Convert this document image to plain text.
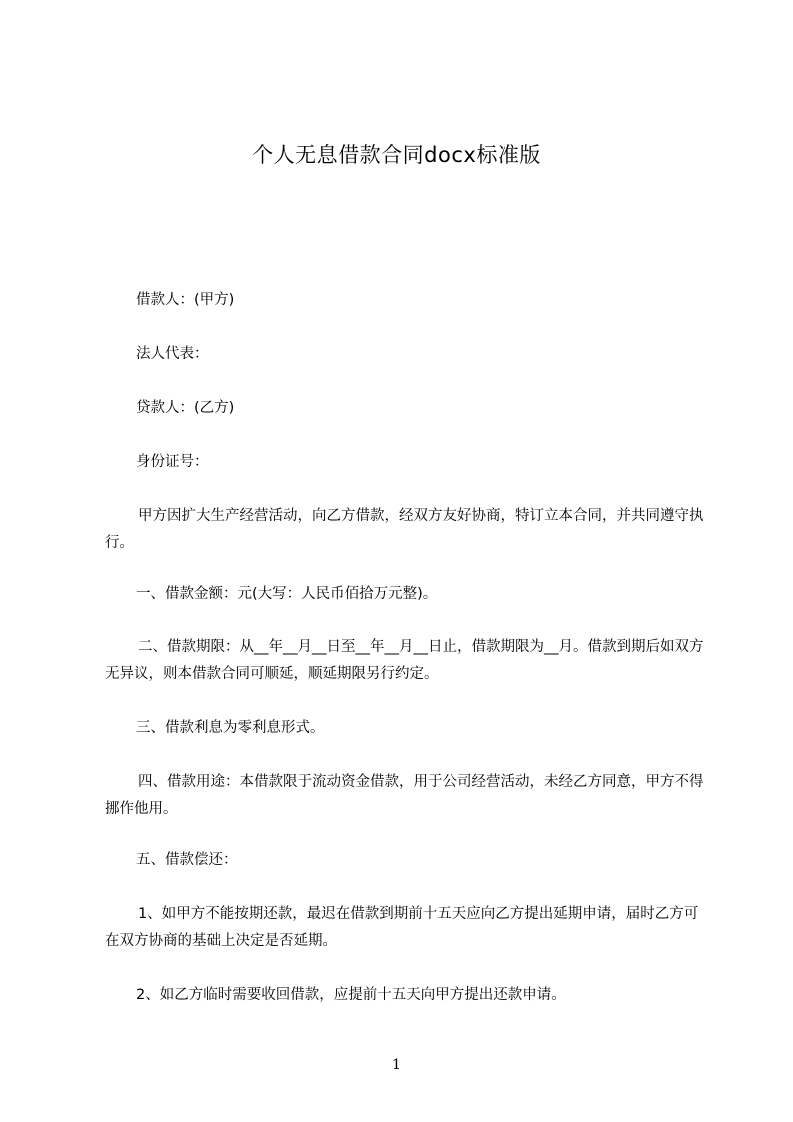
个人无息借款合同docx标准版

借款人：(甲方)

法人代表：

贷款人：(乙方)

身份证号：

甲方因扩大生产经营活动，向乙方借款，经双方友好协商，特订立本合同，并共同遵守执行。

一、借款金额：元(大写：人民币佰拾万元整)。

二、借款期限：从__年__月__日至__年__月__日止，借款期限为__月。借款到期后如双方无异议，则本借款合同可顺延，顺延期限另行约定。

三、借款利息为零利息形式。

四、借款用途：本借款限于流动资金借款，用于公司经营活动，未经乙方同意，甲方不得挪作他用。

五、借款偿还：

1、如甲方不能按期还款，最迟在借款到期前十五天应向乙方提出延期申请，届时乙方可在双方协商的基础上决定是否延期。

2、如乙方临时需要收回借款，应提前十五天向甲方提出还款申请。

1
